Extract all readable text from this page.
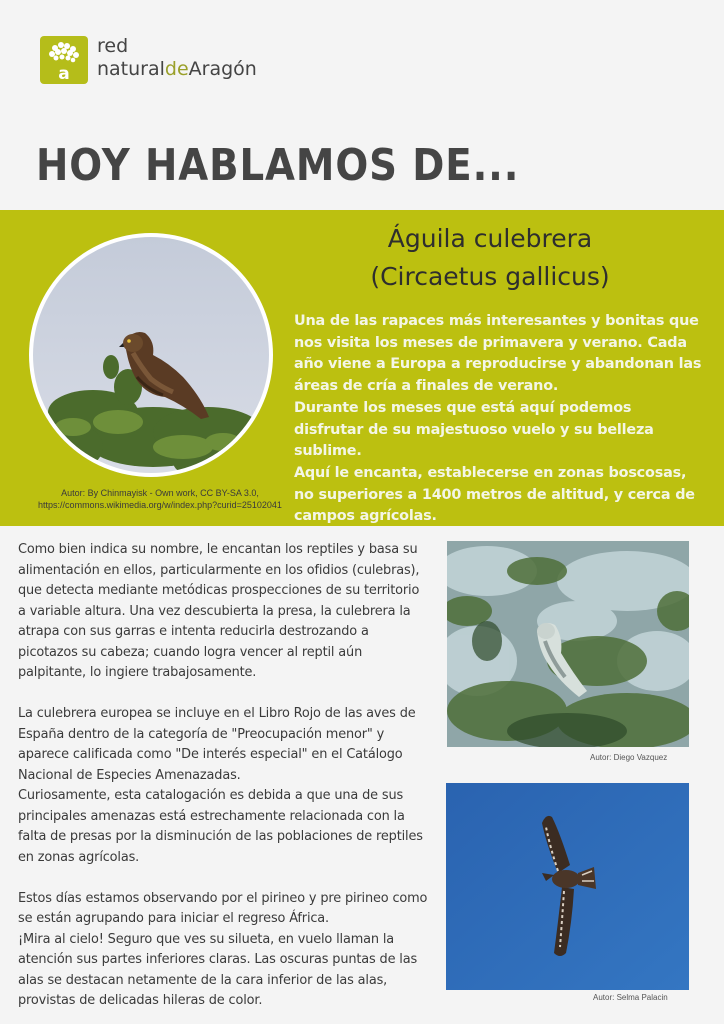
a
red
naturaldeAragón
HOY HABLAMOS DE...
Autor: By Chinmayisk - Own work, CC BY-SA 3.0,
https://commons.wikimedia.org/w/index.php?curid=25102041
Águila culebrera
(Circaetus gallicus)

Una de las rapaces más interesantes y bonitas que nos visita los meses de primavera y verano. Cada año viene a Europa a reproducirse y abandonan las áreas de cría a finales de verano.

Durante los meses que está aquí podemos disfrutar de su majestuoso vuelo y su belleza sublime.

Aquí le encanta, establecerse en zonas boscosas, no superiores a 1400 metros de altitud, y cerca de campos agrícolas.

Como bien indica su nombre, le encantan los reptiles y basa su alimentación en ellos, particularmente en los ofidios (culebras), que detecta mediante metódicas prospecciones de su territorio a variable altura. Una vez descubierta la presa, la culebrera la atrapa con sus garras e intenta reducirla destrozando a picotazos su cabeza; cuando logra vencer al reptil aún palpitante, lo ingiere trabajosamente.

La culebrera europea se incluye en el Libro Rojo de las aves de España dentro de la categoría de "Preocupación menor" y aparece calificada como "De interés especial" en el Catálogo Nacional de Especies Amenazadas.

Curiosamente, esta catalogación es debida a que una de sus principales amenazas está estrechamente relacionada con la falta de presas por la disminución de las poblaciones de reptiles en zonas agrícolas.

Estos días estamos observando por el pirineo y pre pirineo como se están agrupando para iniciar el regreso África.

¡Mira al cielo! Seguro que ves su silueta, en vuelo llaman la atención sus partes inferiores claras. Las oscuras puntas de las alas se destacan netamente de la cara inferior de las alas, provistas de delicadas hileras de color.

Autor: Diego Vazquez
Autor: Selma Palacin
